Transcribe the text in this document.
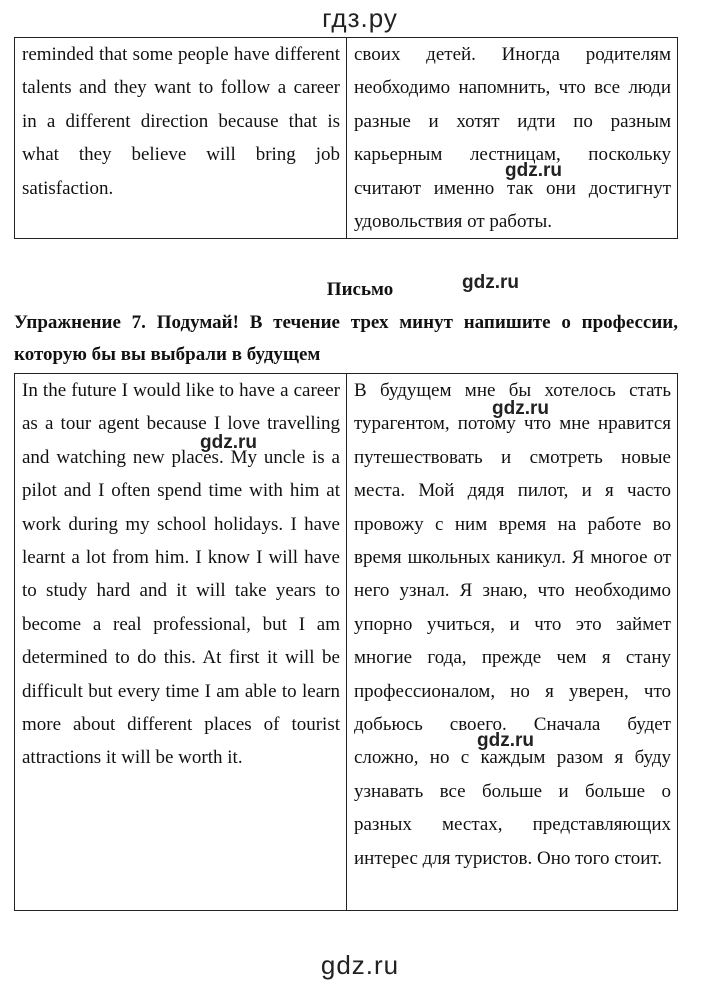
гдз.ру
reminded that some people have different talents and they want to follow a career in a different direction because that is what they believe will bring job satisfaction.	своих детей. Иногда родителям необходимо напомнить, что все люди разные и хотят идти по разным карьерным лестницам, поскольку считают именно так они достигнут удовольствия от работы.
Письмо
Упражнение 7. Подумай! В течение трех минут напишите о профессии, которую бы вы выбрали в будущем
In the future I would like to have a career as a tour agent because I love travelling and watching new places. My uncle is a pilot and I often spend time with him at work during my school holidays. I have learnt a lot from him. I know I will have to study hard and it will take years to become a real professional, but I am determined to do this. At first it will be difficult but every time I am able to learn more about different places of tourist attractions it will be worth it.	В будущем мне бы хотелось стать турагентом, потому что мне нравится путешествовать и смотреть новые места. Мой дядя пилот, и я часто провожу с ним время на работе во время школьных каникул. Я многое от него узнал. Я знаю, что необходимо упорно учиться, и что это займет многие года, прежде чем я стану профессионалом, но я уверен, что добьюсь своего. Сначала будет сложно, но с каждым разом я буду узнавать все больше и больше о разных местах, представляющих интерес для туристов. Оно того стоит.
gdz.ru
gdz.ru
gdz.ru
gdz.ru
gdz.ru
gdz.ru
